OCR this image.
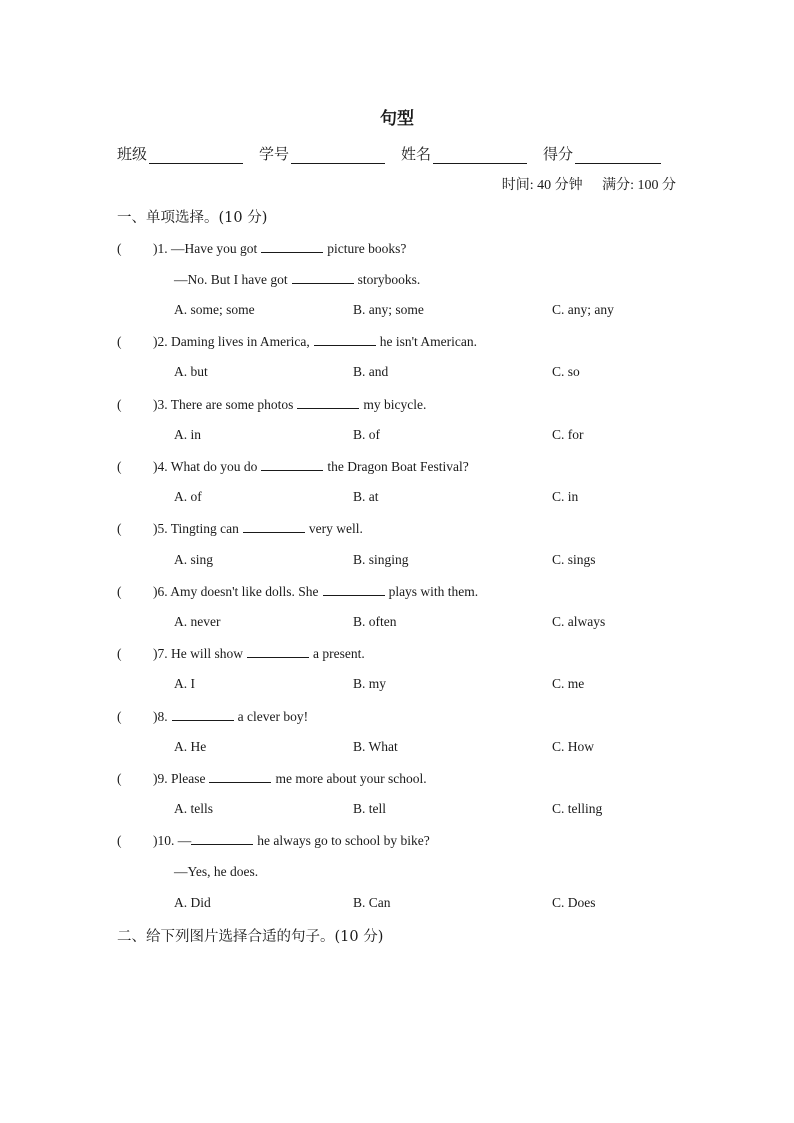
句型
班级	学号	姓名	得分
时间: 40 分钟 满分: 100 分
一、单项选择。(10 分)
( )1. —Have you got	picture books?
—No. But I have got	storybooks.
A. some; some	B. any; some	C. any; any
( )2. Daming lives in America,	he isn't American.
A. but	B. and	C. so
( )3. There are some photos	my bicycle.
A. in	B. of	C. for
( )4. What do you do	the Dragon Boat Festival?
A. of	B. at	C. in
( )5. Tingting can	very well.
A. sing	B. singing	C. sings
( )6. Amy doesn't like dolls. She	plays with them.
A. never	B. often	C. always
( )7. He will show	a present.
A. I	B. my	C. me
( )8.	a clever boy!
A. He	B. What	C. How
( )9. Please	me more about your school.
A. tells	B. tell	C. telling
( )10. —	he always go to school by bike?
—Yes, he does.
A. Did	B. Can	C. Does
二、给下列图片选择合适的句子。(10 分)
